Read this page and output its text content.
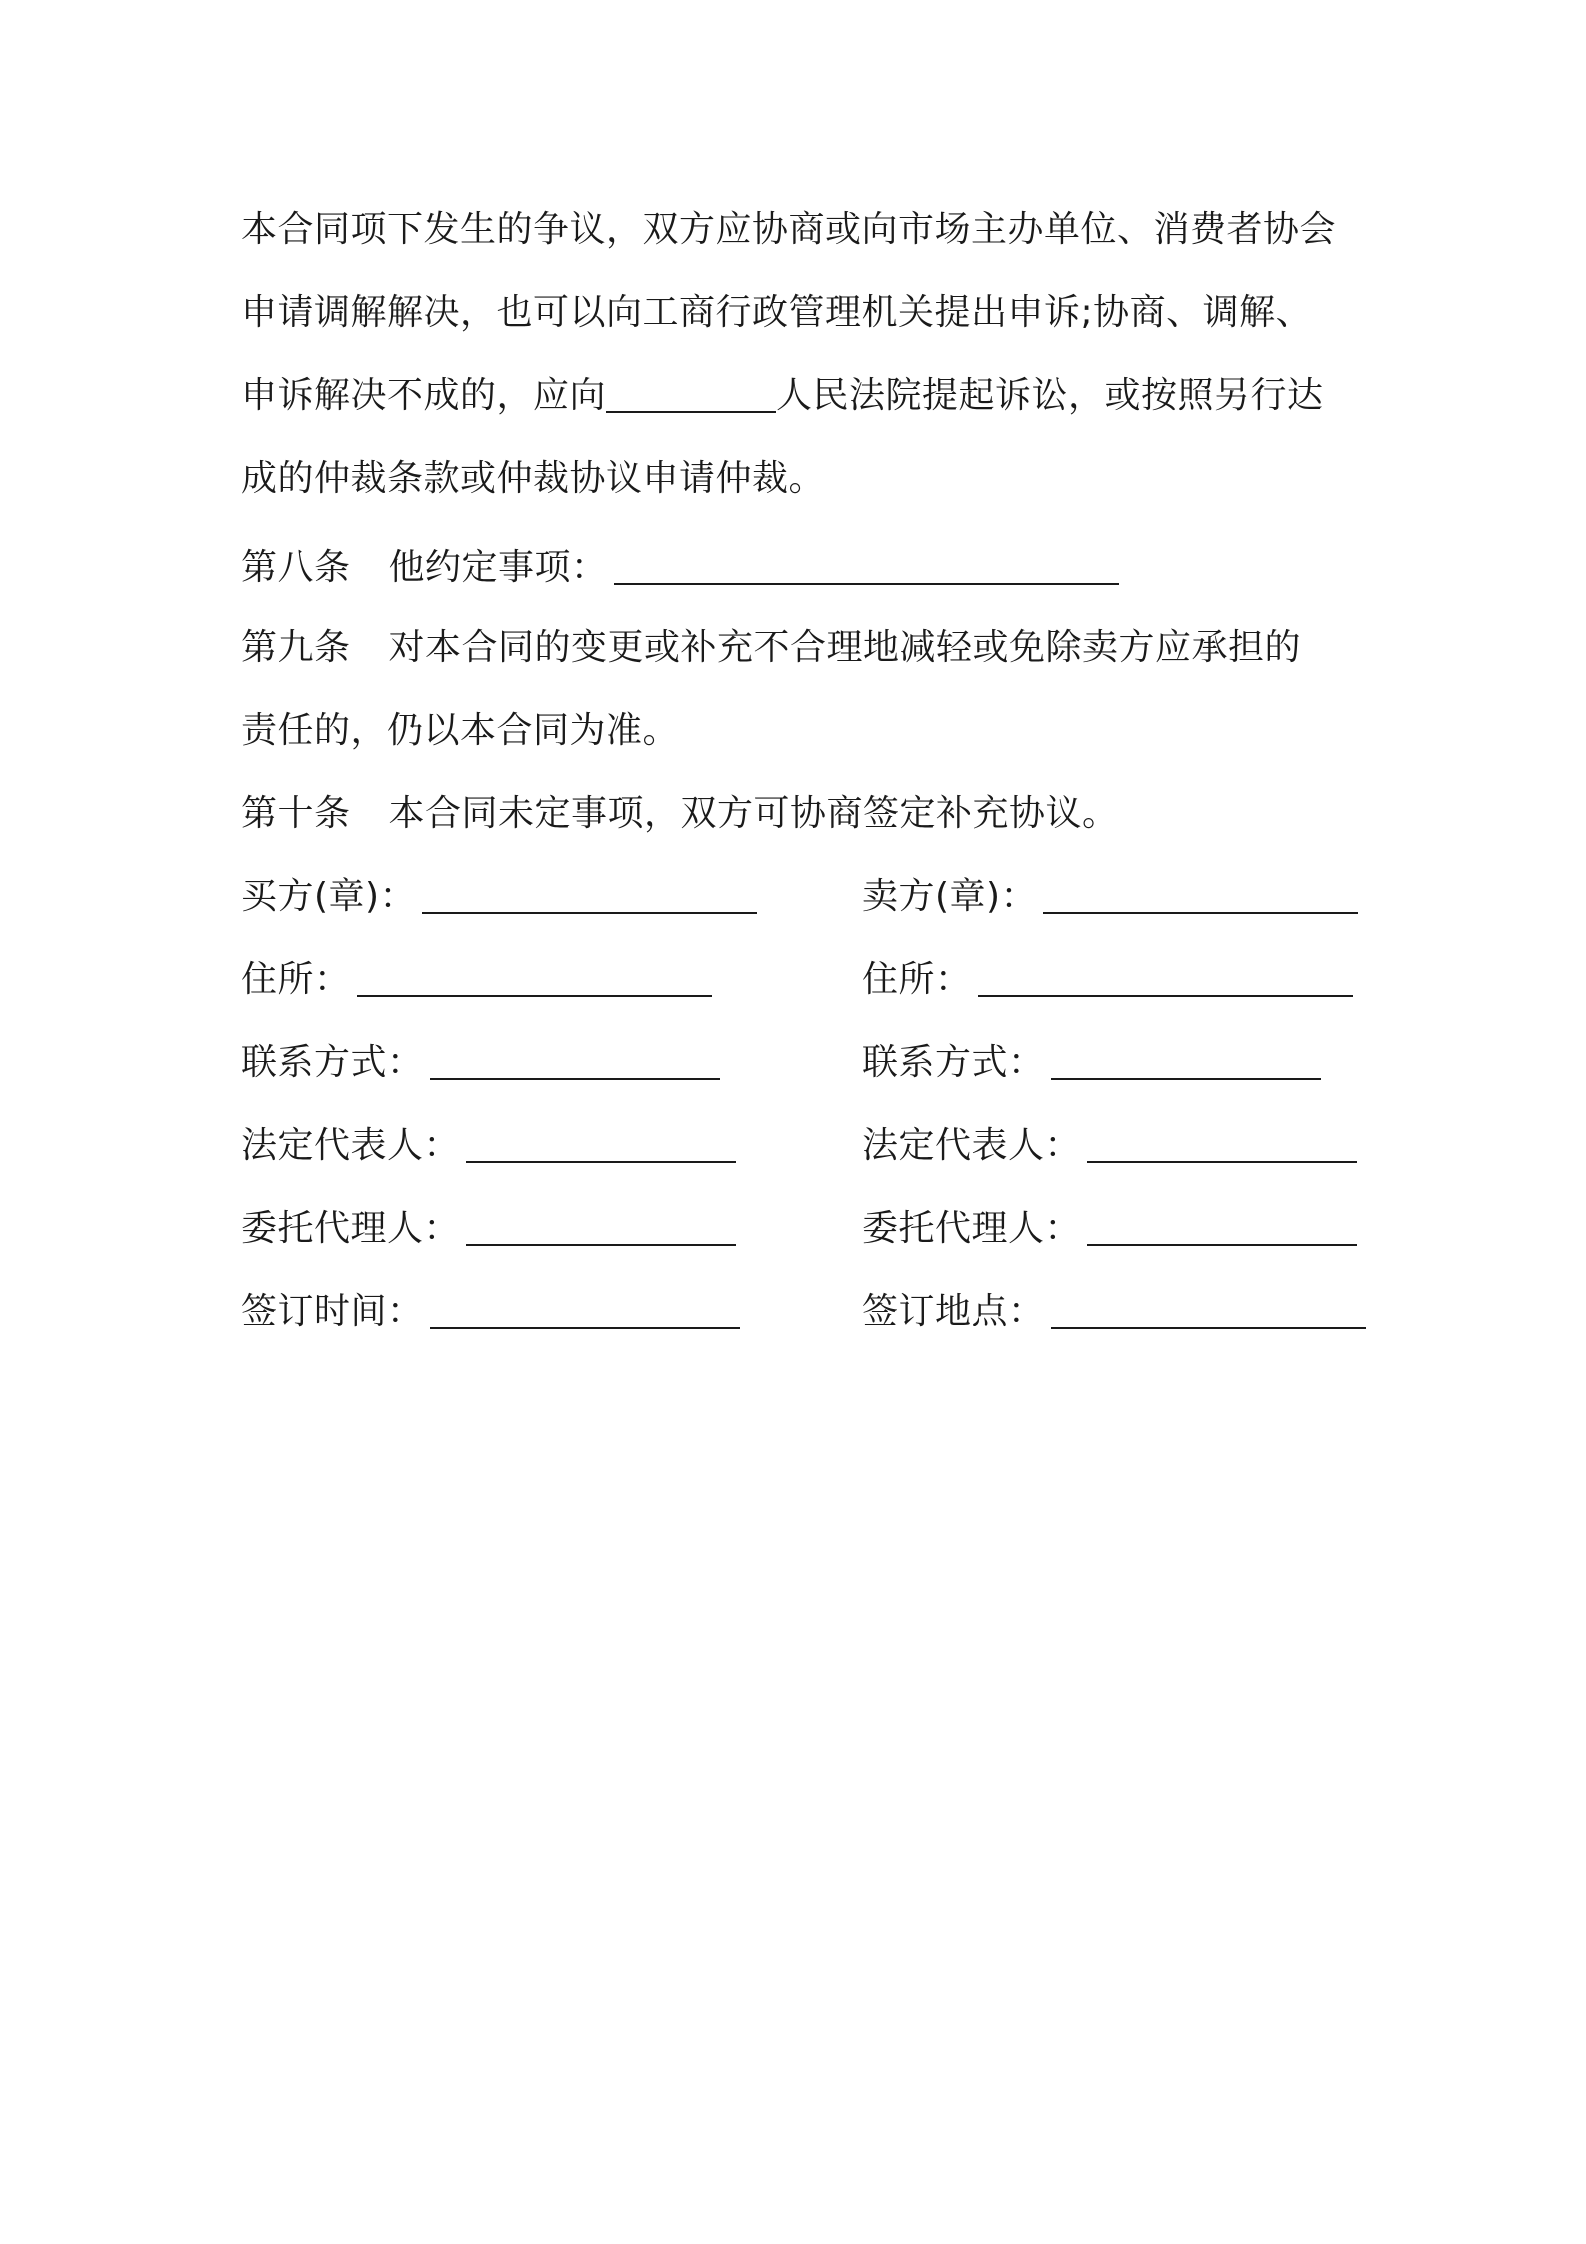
本合同项下发生的争议，双方应协商或向市场主办单位、消费者协会
申请调解解决，也可以向工商行政管理机关提出申诉;协商、调解、
申诉解决不成的，应向	人民法院提起诉讼，或按照另行达
成的仲裁条款或仲裁协议申请仲裁。
第八条 他约定事项：
第九条 对本合同的变更或补充不合理地减轻或免除卖方应承担的
责任的，仍以本合同为准。
第十条 本合同未定事项，双方可协商签定补充协议。
买方(章)：
住所：
联系方式：
法定代表人：
委托代理人：
签订时间：
卖方(章)：
住所：
联系方式：
法定代表人：
委托代理人：
签订地点：
